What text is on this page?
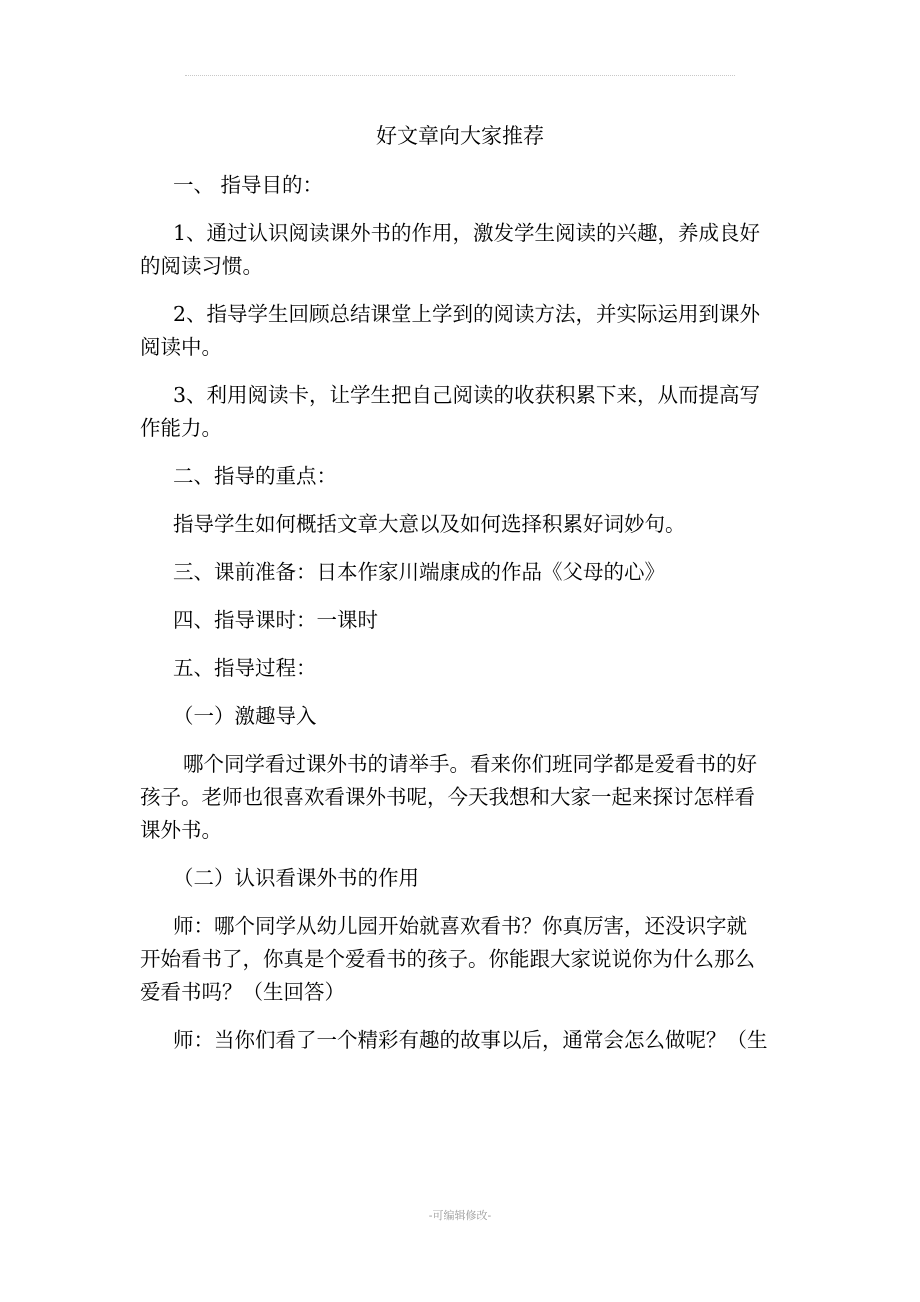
好文章向大家推荐
一、 指导目的：
1、通过认识阅读课外书的作用，激发学生阅读的兴趣，养成良好
的阅读习惯。
2、指导学生回顾总结课堂上学到的阅读方法，并实际运用到课外
阅读中。
3、利用阅读卡，让学生把自己阅读的收获积累下来，从而提高写
作能力。
二、指导的重点：
指导学生如何概括文章大意以及如何选择积累好词妙句。
三、课前准备：日本作家川端康成的作品《父母的心》
四、指导课时：一课时
五、指导过程：
（一）激趣导入
哪个同学看过课外书的请举手。看来你们班同学都是爱看书的好
孩子。老师也很喜欢看课外书呢，今天我想和大家一起来探讨怎样看
课外书。
（二）认识看课外书的作用
师：哪个同学从幼儿园开始就喜欢看书？你真厉害，还没识字就
开始看书了，你真是个爱看书的孩子。你能跟大家说说你为什么那么
爱看书吗？（生回答）
师：当你们看了一个精彩有趣的故事以后，通常会怎么做呢？（生
-可编辑修改-
